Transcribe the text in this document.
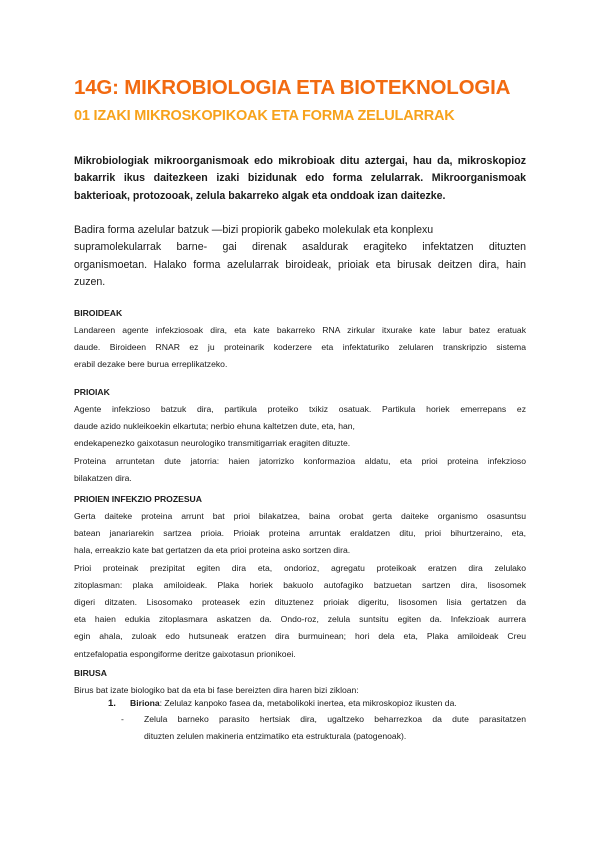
14G: MIKROBIOLOGIA ETA BIOTEKNOLOGIA
01 IZAKI MIKROSKOPIKOAK ETA FORMA ZELULARRAK
Mikrobiologiak mikroorganismoak edo mikrobioak ditu aztergai, hau da, mikroskopioz
bakarrik ikus daitezkeen izaki bizidunak edo forma zelularrak. Mikroorganismoak
bakterioak, protozooak, zelula bakarreko algak eta onddoak izan daitezke.
Badira forma azelular batzuk —bizi propiorik gabeko molekulak eta konplexu
supramolekularrak barne- gai direnak asaldurak eragiteko infektatzen dituzten
organismoetan. Halako forma azelularrak biroideak, prioiak eta birusak deitzen dira, hain
zuzen.
BIROIDEAK
Landareen agente infekziosoak dira, eta kate bakarreko RNA zirkular itxurake kate labur batez eratuak
daude. Biroideen RNAR ez ju proteinarik koderzere eta infektaturiko zelularen transkripzio sistema
erabil dezake bere burua erreplikatzeko.
PRIOIAK
Agente infekzioso batzuk dira, partikula proteiko txikiz osatuak. Partikula horiek emerrepans ez
daude azido nukleikoekin elkartuta; nerbio ehuna kaltetzen dute, eta, han,
endekapenezko gaixotasun neurologiko transmitigarriak eragiten dituzte.
Proteina arruntetan dute jatorria: haien jatorrizko konformazioa aldatu, eta prioi proteina infekzioso
bilakatzen dira.
PRIOIEN INFEKZIO PROZESUA
Gerta daiteke proteina arrunt bat prioi bilakatzea, baina orobat gerta daiteke organismo osasuntsu
batean janariarekin sartzea prioia. Prioiak proteina arruntak eraldatzen ditu, prioi bihurtzeraino, eta,
hala, erreakzio kate bat gertatzen da eta prioi proteina asko sortzen dira.
Prioi proteinak prezipitat egiten dira eta, ondorioz, agregatu proteikoak eratzen dira zelulako
zitoplasman: plaka amiloideak. Plaka horiek bakuolo autofagiko batzuetan sartzen dira, lisosomek
digeri ditzaten. Lisosomako proteasek ezin dituztenez prioiak digeritu, lisosomen lisia gertatzen da
eta haien edukia zitoplasmara askatzen da. Ondo-roz, zelula suntsitu egiten da. Infekzioak aurrera
egin ahala, zuloak edo hutsuneak eratzen dira burmuinean; hori dela eta, Plaka amiloideak Creu
entzefalopatia espongiforme deritze gaixotasun prionikoei.
BIRUSA
Birus bat izate biologiko bat da eta bi fase bereizten dira haren bizi zikloan:
1. Biriona: Zelulaz kanpoko fasea da, metabolikoki inertea, eta mikroskopioz ikusten da.
- Zelula barneko parasito hertsiak dira, ugaltzeko beharrezkoa da dute parasitatzen
dituzten zelulen makineria entzimatiko eta estrukturala (patogenoak).
